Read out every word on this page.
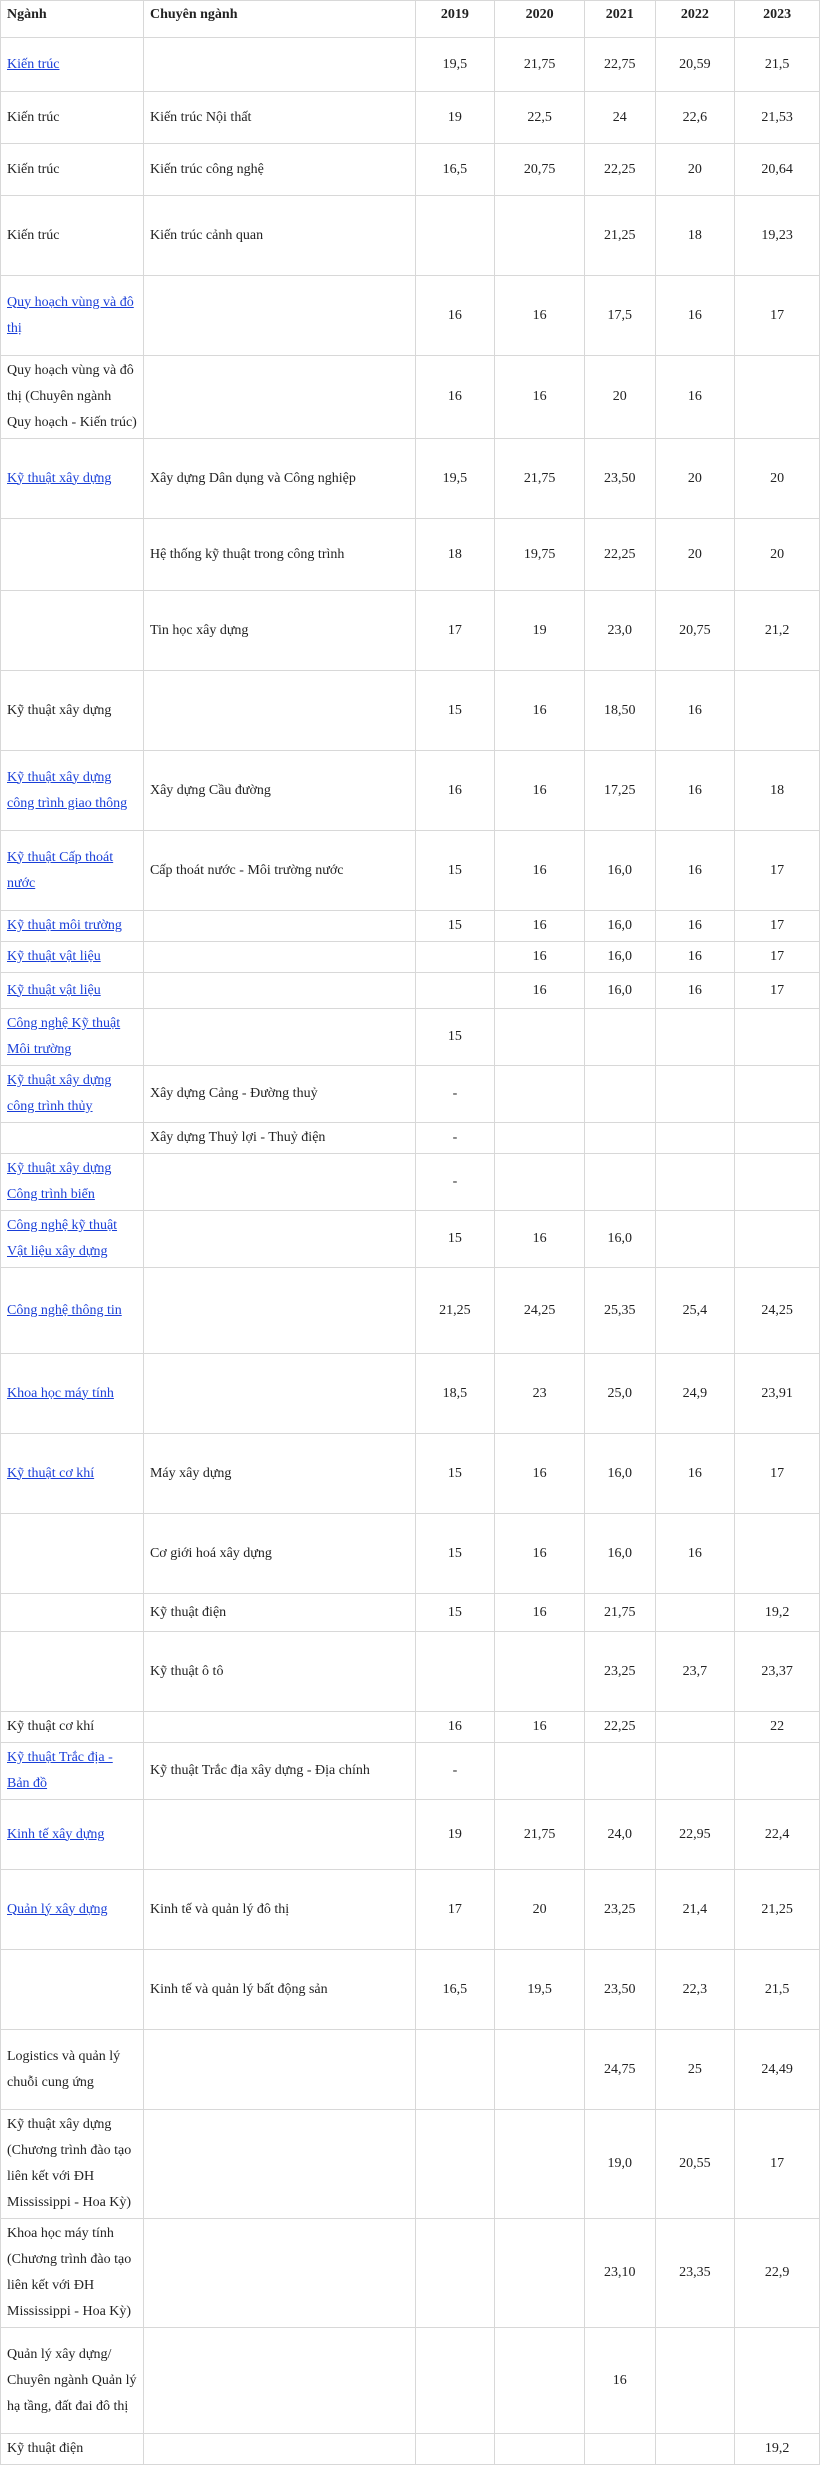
Ngành	Chuyên ngành	2019	2020	2021	2022	2023
Kiến trúc		19,5	21,75	22,75	20,59	21,5
Kiến trúc	Kiến trúc Nội thất	19	22,5	24	22,6	21,53
Kiến trúc	Kiến trúc công nghệ	16,5	20,75	22,25	20	20,64
Kiến trúc	Kiến trúc cảnh quan			21,25	18	19,23
Quy hoạch vùng và đô thị		16	16	17,5	16	17
Quy hoạch vùng và đô thị (Chuyên ngành Quy hoạch - Kiến trúc)		16	16	20	16	
Kỹ thuật xây dựng	Xây dựng Dân dụng và Công nghiệp	19,5	21,75	23,50	20	20
	Hệ thống kỹ thuật trong công trình	18	19,75	22,25	20	20
	Tin học xây dựng	17	19	23,0	20,75	21,2
Kỹ thuật xây dựng		15	16	18,50	16	
Kỹ thuật xây dựng công trình giao thông	Xây dựng Cầu đường	16	16	17,25	16	18
Kỹ thuật Cấp thoát nước	Cấp thoát nước - Môi trường nước	15	16	16,0	16	17
Kỹ thuật môi trường		15	16	16,0	16	17
Kỹ thuật vật liệu			16	16,0	16	17
Kỹ thuật vật liệu			16	16,0	16	17
Công nghệ Kỹ thuật Môi trường		15				
Kỹ thuật xây dựng công trình thủy	Xây dựng Cảng - Đường thuỷ	-				
	Xây dựng Thuỷ lợi - Thuỷ điện	-				
Kỹ thuật xây dựng Công trình biển		-				
Công nghệ kỹ thuật Vật liệu xây dựng		15	16	16,0		
Công nghệ thông tin		21,25	24,25	25,35	25,4	24,25
Khoa học máy tính		18,5	23	25,0	24,9	23,91
Kỹ thuật cơ khí	Máy xây dựng	15	16	16,0	16	17
	Cơ giới hoá xây dựng	15	16	16,0	16	
	Kỹ thuật điện	15	16	21,75		19,2
	Kỹ thuật ô tô			23,25	23,7	23,37
Kỹ thuật cơ khí		16	16	22,25		22
Kỹ thuật Trắc địa - Bản đồ	Kỹ thuật Trắc địa xây dựng - Địa chính	-				
Kinh tế xây dựng		19	21,75	24,0	22,95	22,4
Quản lý xây dựng	Kinh tế và quản lý đô thị	17	20	23,25	21,4	21,25
	Kinh tế và quản lý bất động sản	16,5	19,5	23,50	22,3	21,5
Logistics và quản lý chuỗi cung ứng				24,75	25	24,49
Kỹ thuật xây dựng (Chương trình đào tạo liên kết với ĐH Mississippi - Hoa Kỳ)				19,0	20,55	17
Khoa học máy tính (Chương trình đào tạo liên kết với ĐH Mississippi - Hoa Kỳ)				23,10	23,35	22,9
Quản lý xây dựng/ Chuyên ngành Quản lý hạ tầng, đất đai đô thị				16		
Kỹ thuật điện						19,2
